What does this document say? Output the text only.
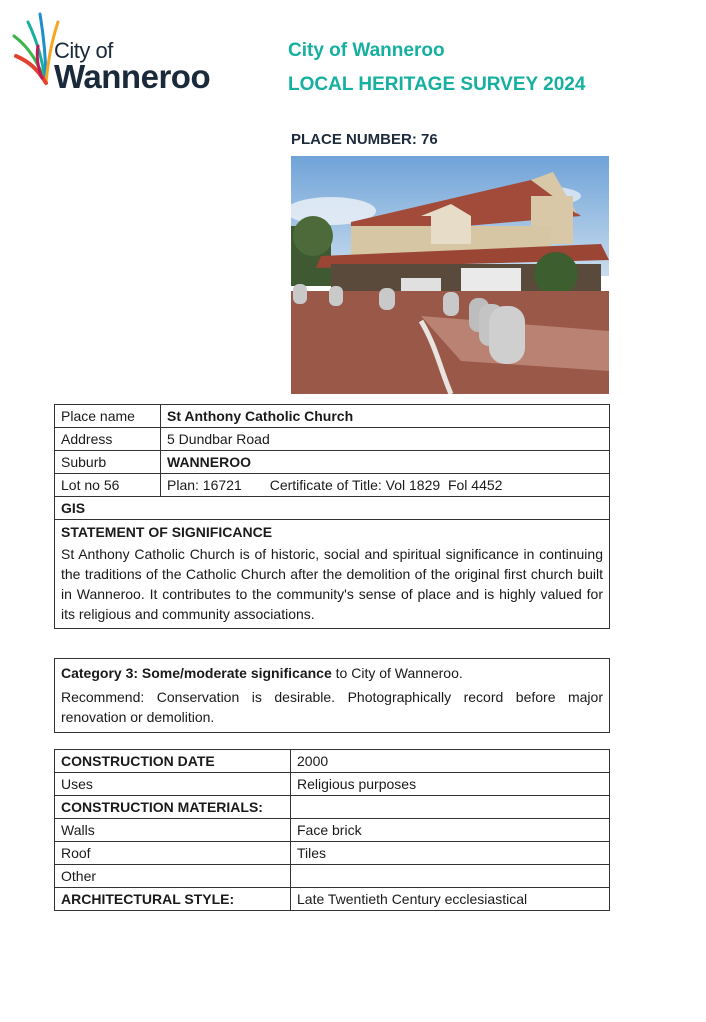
City of
Wanneroo
City of Wanneroo
LOCAL HERITAGE SURVEY 2024
PLACE NUMBER: 76
Place name	St Anthony Catholic Church
Address	5 Dundbar Road
Suburb	WANNEROO
Lot no 56	Plan: 16721 Certificate of Title: Vol 1829  Fol 4452
GIS	

STATEMENT OF SIGNIFICANCE
St Anthony Catholic Church is of historic, social and spiritual significance in continuing the traditions of the Catholic Church after the demolition of the original first church built in Wanneroo. It contributes to the community's sense of place and is highly valued for its religious and community associations.	
Category 3: Some/moderate significance to City of Wanneroo.
Recommend: Conservation is desirable. Photographically record before major renovation or demolition.
CONSTRUCTION DATE	2000
Uses	Religious purposes
CONSTRUCTION MATERIALS:	
Walls	Face brick
Roof	Tiles
Other	
ARCHITECTURAL STYLE:	Late Twentieth Century ecclesiastical
